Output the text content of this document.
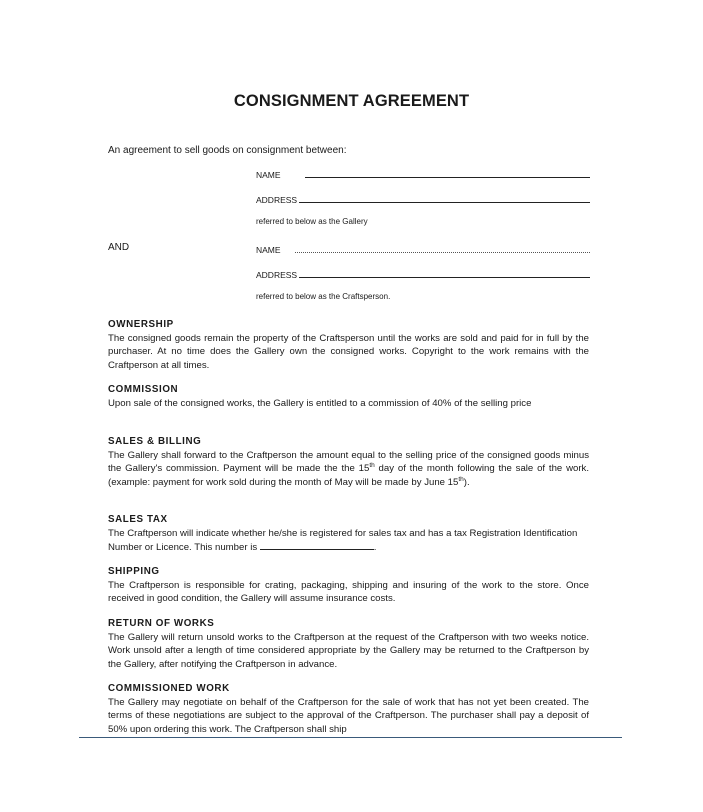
CONSIGNMENT AGREEMENT
An agreement to sell goods on consignment between:
NAME
ADDRESS
referred to below as the Gallery
AND	NAME
ADDRESS
referred to below as the Craftsperson.
OWNERSHIP
The consigned goods remain the property of the Craftsperson until the works are sold and paid for in full by the purchaser. At no time does the Gallery own the consigned works. Copyright to the work remains with the Craftperson at all times.
COMMISSION
Upon sale of the consigned works, the Gallery is entitled to a commission of 40% of the selling price
SALES & BILLING
The Gallery shall forward to the Craftperson the amount equal to the selling price of the consigned goods minus the Gallery's commission. Payment will be made the the 15th day of the month following the sale of the work. (example: payment for work sold during the month of May will be made by June 15th).
SALES TAX
The Craftperson will indicate whether he/she is registered for sales tax and has a tax Registration Identification Number or Licence. This number is	.
SHIPPING
The Craftperson is responsible for crating, packaging, shipping and insuring of the work to the store. Once received in good condition, the Gallery will assume insurance costs.
RETURN OF WORKS
The Gallery will return unsold works to the Craftperson at the request of the Craftperson with two weeks notice. Work unsold after a length of time considered appropriate by the Gallery may be returned to the Craftperson by the Gallery, after notifying the Craftperson in advance.
COMMISSIONED WORK
The Gallery may negotiate on behalf of the Craftperson for the sale of work that has not yet been created. The terms of these negotiations are subject to the approval of the Craftperson. The purchaser shall pay a deposit of 50% upon ordering this work. The Craftperson shall ship
